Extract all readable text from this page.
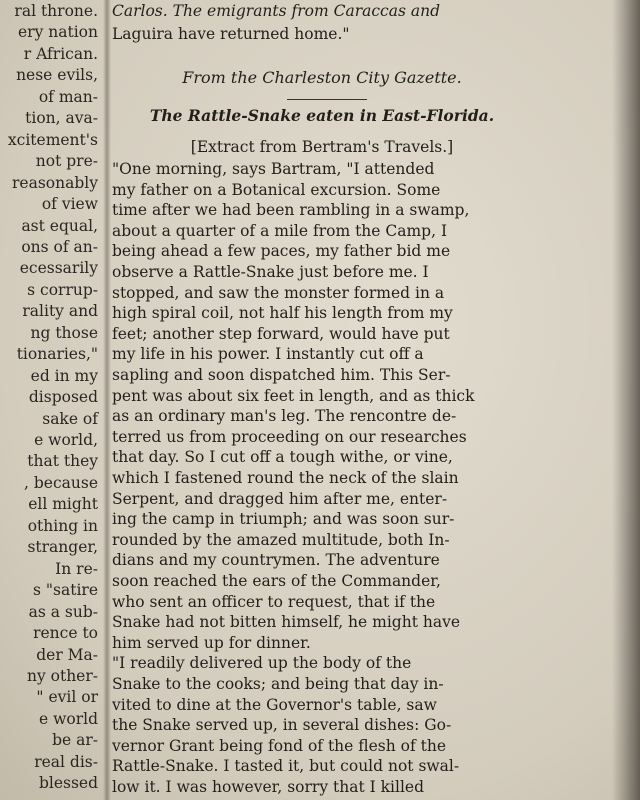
ral throne.
ery nation
r African.
nese evils,
of man-
tion, ava-
xcitement's
not pre-
reasonably
of view
ast equal,
ons of an-
ecessarily
s corrup-
rality and
ng those
tionaries,"
ed in my
disposed
sake of
e world,
that they
, because
ell might
othing in
stranger,
In re-
s "satire
as a sub-
rence to
der Ma-
ny other-
" evil or
e world
be ar-
real dis-
blessed
Carlos. The emigrants from Caraccas and
Laguira have returned home."
From the Charleston City Gazette.
The Rattle-Snake eaten in East-Florida.
[Extract from Bertram's Travels.]
"One morning, says Bartram, "I attended
my father on a Botanical excursion. Some
time after we had been rambling in a swamp,
about a quarter of a mile from the Camp, I
being ahead a few paces, my father bid me
observe a Rattle-Snake just before me. I
stopped, and saw the monster formed in a
high spiral coil, not half his length from my
feet; another step forward, would have put
my life in his power. I instantly cut off a
sapling and soon dispatched him. This Ser-
pent was about six feet in length, and as thick
as an ordinary man's leg. The rencontre de-
terred us from proceeding on our researches
that day. So I cut off a tough withe, or vine,
which I fastened round the neck of the slain
Serpent, and dragged him after me, enter-
ing the camp in triumph; and was soon sur-
rounded by the amazed multitude, both In-
dians and my countrymen. The adventure
soon reached the ears of the Commander,
who sent an officer to request, that if the
Snake had not bitten himself, he might have
him served up for dinner.
"I readily delivered up the body of the
Snake to the cooks; and being that day in-
vited to dine at the Governor's table, saw
the Snake served up, in several dishes: Go-
vernor Grant being fond of the flesh of the
Rattle-Snake. I tasted it, but could not swal-
low it. I was however, sorry that I killed
